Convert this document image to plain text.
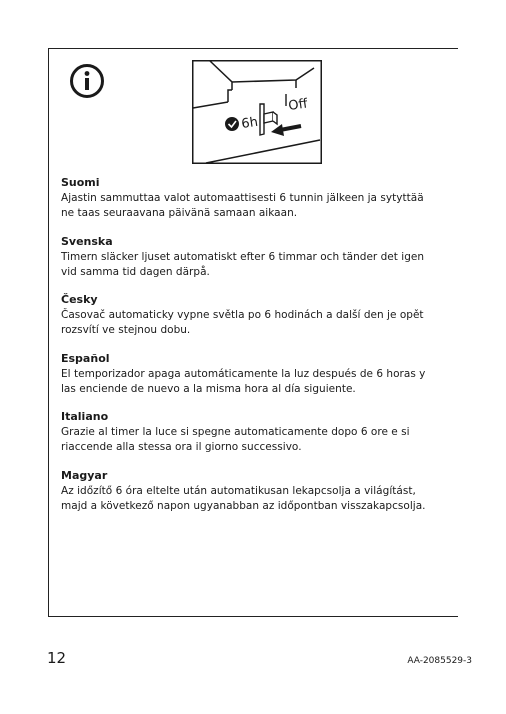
6h
Off

Suomi

Ajastin sammuttaa valot automaattisesti 6 tunnin jälkeen ja sytyttää
ne taas seuraavana päivänä samaan aikaan.

Svenska

Timern släcker ljuset automatiskt efter 6 timmar och tänder det igen
vid samma tid dagen därpå.

Česky

Časovač automaticky vypne světla po 6 hodinách a další den je opět
rozsvítí ve stejnou dobu.

Español

El temporizador apaga automáticamente la luz después de 6 horas y
las enciende de nuevo a la misma hora al día siguiente.

Italiano

Grazie al timer la luce si spegne automaticamente dopo 6 ore e si
riaccende alla stessa ora il giorno successivo.

Magyar

Az időzítő 6 óra eltelte után automatikusan lekapcsolja a világítást,
majd a következő napon ugyanabban az időpontban visszakapcsolja.

12	AA-2085529-3
